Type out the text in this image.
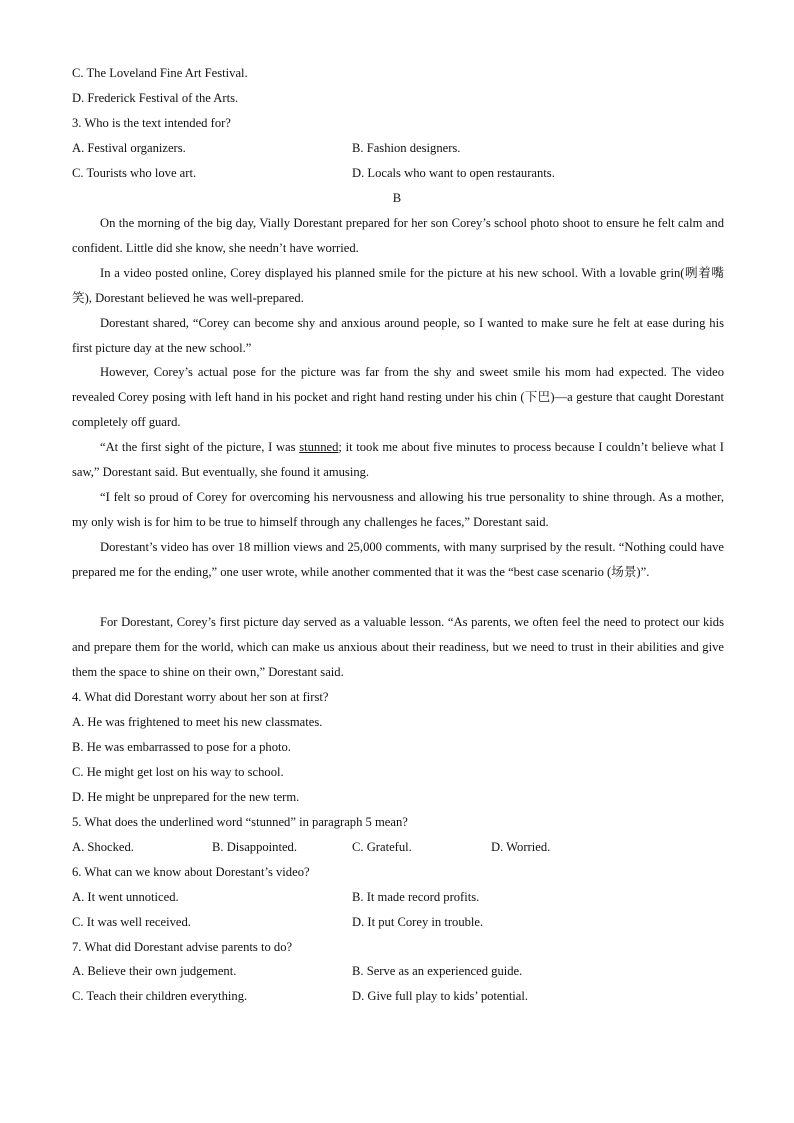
C. The Loveland Fine Art Festival.
D. Frederick Festival of the Arts.
3. Who is the text intended for?
A. Festival organizers.	B. Fashion designers.
C. Tourists who love art.	D. Locals who want to open restaurants.
B
On the morning of the big day, Vially Dorestant prepared for her son Corey’s school photo shoot to ensure he felt calm and confident. Little did she know, she needn’t have worried.
In a video posted online, Corey displayed his planned smile for the picture at his new school. With a lovable grin(咧着嘴笑), Dorestant believed he was well-prepared.
Dorestant shared, “Corey can become shy and anxious around people, so I wanted to make sure he felt at ease during his first picture day at the new school.”
However, Corey’s actual pose for the picture was far from the shy and sweet smile his mom had expected. The video revealed Corey posing with left hand in his pocket and right hand resting under his chin (下巴)—a gesture that caught Dorestant completely off guard.
“At the first sight of the picture, I was stunned; it took me about five minutes to process because I couldn’t believe what I saw,” Dorestant said. But eventually, she found it amusing.
“I felt so proud of Corey for overcoming his nervousness and allowing his true personality to shine through. As a mother, my only wish is for him to be true to himself through any challenges he faces,” Dorestant said.
Dorestant’s video has over 18 million views and 25,000 comments, with many surprised by the result. “Nothing could have prepared me for the ending,” one user wrote, while another commented that it was the “best case scenario (场景)”.
For Dorestant, Corey’s first picture day served as a valuable lesson. “As parents, we often feel the need to protect our kids and prepare them for the world, which can make us anxious about their readiness, but we need to trust in their abilities and give them the space to shine on their own,” Dorestant said.
4. What did Dorestant worry about her son at first?
A. He was frightened to meet his new classmates.
B. He was embarrassed to pose for a photo.
C. He might get lost on his way to school.
D. He might be unprepared for the new term.
5. What does the underlined word “stunned” in paragraph 5 mean?
A. Shocked.	B. Disappointed.	C. Grateful.	D. Worried.
6. What can we know about Dorestant’s video?
A. It went unnoticed.	B. It made record profits.
C. It was well received.	D. It put Corey in trouble.
7. What did Dorestant advise parents to do?
A. Believe their own judgement.	B. Serve as an experienced guide.
C. Teach their children everything.	D. Give full play to kids’ potential.
